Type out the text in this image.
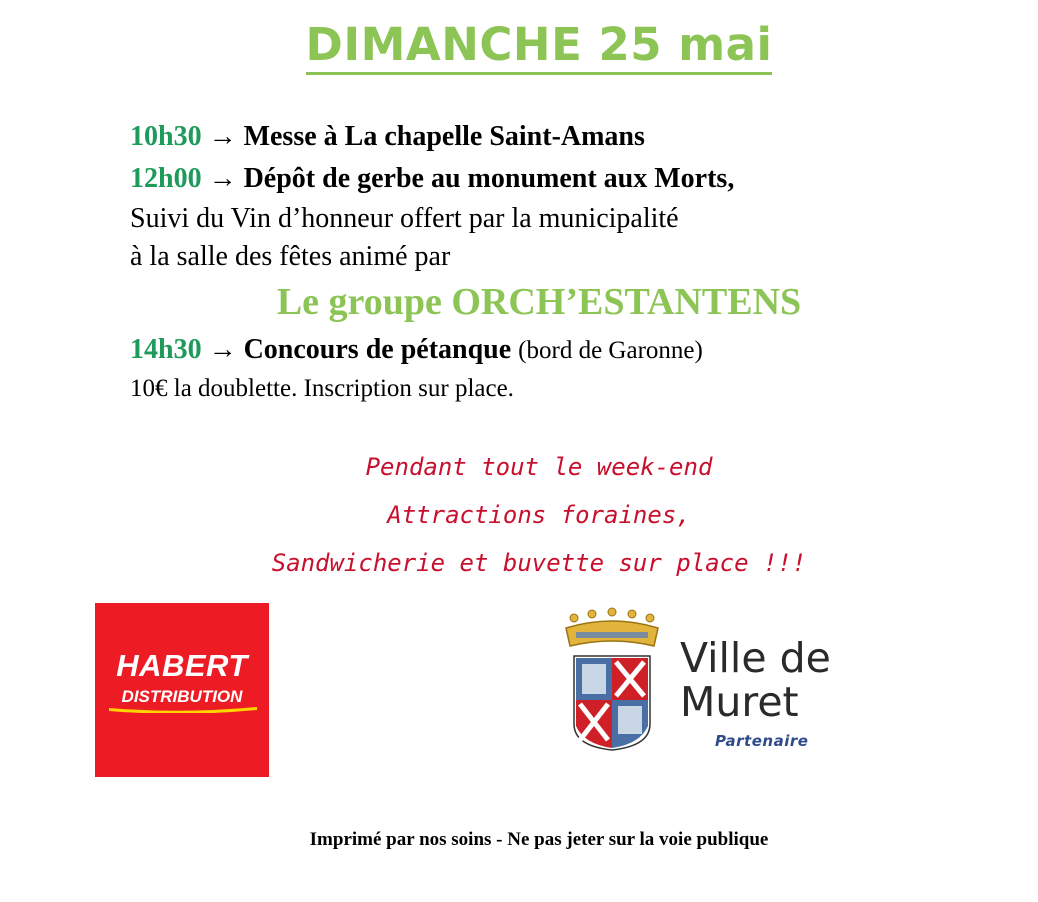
DIMANCHE 25 mai
10h30 → Messe à La chapelle Saint-Amans
12h00 → Dépôt de gerbe au monument aux Morts,
Suivi du Vin d’honneur offert par la municipalité
à la salle des fêtes animé par
Le groupe ORCH’ESTANTENS
14h30 → Concours de pétanque (bord de Garonne)
10€ la doublette. Inscription sur place.
Pendant tout le week-end
Attractions foraines,
Sandwicherie et buvette sur place !!!
HABERT
DISTRIBUTION
Ville de
Muret
Partenaire
Imprimé par nos soins - Ne pas jeter sur la voie publique
